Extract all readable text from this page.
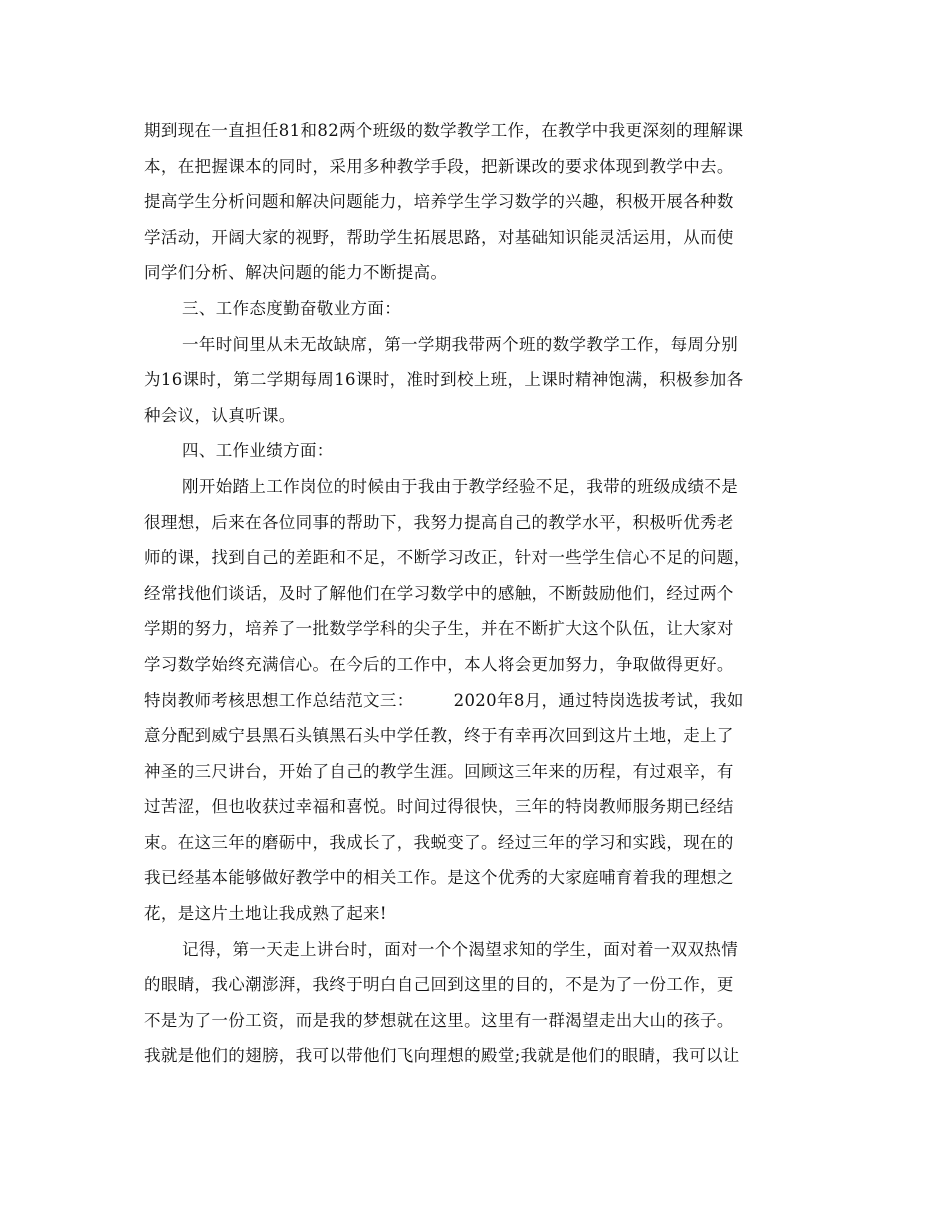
期到现在一直担任81和82两个班级的数学教学工作，在教学中我更深刻的理解课
本，在把握课本的同时，采用多种教学手段，把新课改的要求体现到教学中去。
提高学生分析问题和解决问题能力，培养学生学习数学的兴趣，积极开展各种数
学活动，开阔大家的视野，帮助学生拓展思路，对基础知识能灵活运用，从而使
同学们分析、解决问题的能力不断提高。
三、工作态度勤奋敬业方面：
一年时间里从未无故缺席，第一学期我带两个班的数学教学工作，每周分别
为16课时，第二学期每周16课时，准时到校上班，上课时精神饱满，积极参加各
种会议，认真听课。
四、工作业绩方面：
刚开始踏上工作岗位的时候由于我由于教学经验不足，我带的班级成绩不是
很理想，后来在各位同事的帮助下，我努力提高自己的教学水平，积极听优秀老
师的课，找到自己的差距和不足，不断学习改正，针对一些学生信心不足的问题，
经常找他们谈话，及时了解他们在学习数学中的感触，不断鼓励他们，经过两个
学期的努力，培养了一批数学学科的尖子生，并在不断扩大这个队伍，让大家对
学习数学始终充满信心。在今后的工作中，本人将会更加努力，争取做得更好。
特岗教师考核思想工作总结范文三： 2020年8月，通过特岗选拔考试，我如
意分配到威宁县黑石头镇黑石头中学任教，终于有幸再次回到这片土地，走上了
神圣的三尺讲台，开始了自己的教学生涯。回顾这三年来的历程，有过艰辛，有
过苦涩，但也收获过幸福和喜悦。时间过得很快，三年的特岗教师服务期已经结
束。在这三年的磨砺中，我成长了，我蜕变了。经过三年的学习和实践，现在的
我已经基本能够做好教学中的相关工作。是这个优秀的大家庭哺育着我的理想之
花，是这片土地让我成熟了起来!
记得，第一天走上讲台时，面对一个个渴望求知的学生，面对着一双双热情
的眼睛，我心潮澎湃，我终于明白自己回到这里的目的，不是为了一份工作，更
不是为了一份工资，而是我的梦想就在这里。这里有一群渴望走出大山的孩子。
我就是他们的翅膀，我可以带他们飞向理想的殿堂;我就是他们的眼睛，我可以让
